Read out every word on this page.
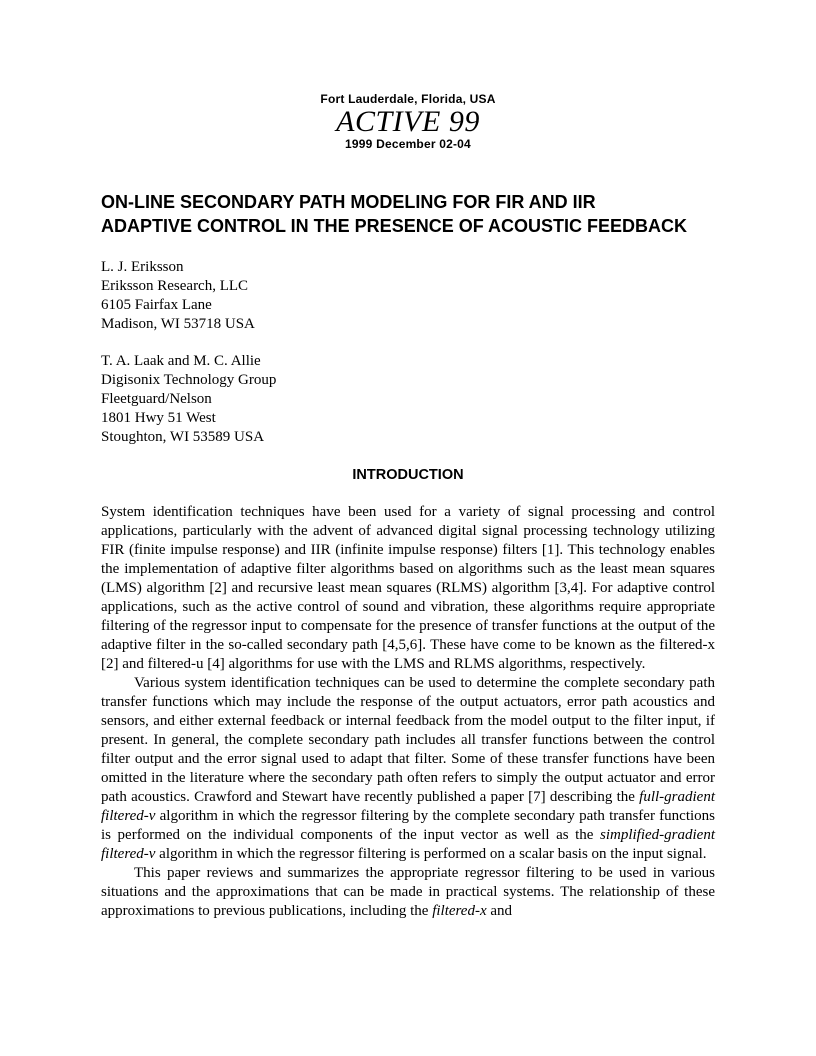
Fort Lauderdale, Florida, USA
ACTIVE 99
1999 December 02-04
ON-LINE SECONDARY PATH MODELING FOR FIR AND IIR
ADAPTIVE CONTROL IN THE PRESENCE OF ACOUSTIC FEEDBACK
L. J. Eriksson
Eriksson Research, LLC
6105 Fairfax Lane
Madison, WI 53718 USA
T. A. Laak and M. C. Allie
Digisonix Technology Group
Fleetguard/Nelson
1801 Hwy 51 West
Stoughton, WI 53589 USA
INTRODUCTION

System identification techniques have been used for a variety of signal processing and control applications, particularly with the advent of advanced digital signal processing technology utilizing FIR (finite impulse response) and IIR (infinite impulse response) filters [1]. This technology enables the implementation of adaptive filter algorithms based on algorithms such as the least mean squares (LMS) algorithm [2] and recursive least mean squares (RLMS) algorithm [3,4]. For adaptive control applications, such as the active control of sound and vibration, these algorithms require appropriate filtering of the regressor input to compensate for the presence of transfer functions at the output of the adaptive filter in the so-called secondary path [4,5,6]. These have come to be known as the filtered-x [2] and filtered-u [4] algorithms for use with the LMS and RLMS algorithms, respectively.

Various system identification techniques can be used to determine the complete secondary path transfer functions which may include the response of the output actuators, error path acoustics and sensors, and either external feedback or internal feedback from the model output to the filter input, if present. In general, the complete secondary path includes all transfer functions between the control filter output and the error signal used to adapt that filter. Some of these transfer functions have been omitted in the literature where the secondary path often refers to simply the output actuator and error path acoustics. Crawford and Stewart have recently published a paper [7] describing the full-gradient filtered-v algorithm in which the regressor filtering by the complete secondary path transfer functions is performed on the individual components of the input vector as well as the simplified-gradient filtered-v algorithm in which the regressor filtering is performed on a scalar basis on the input signal.

This paper reviews and summarizes the appropriate regressor filtering to be used in various situations and the approximations that can be made in practical systems. The relationship of these approximations to previous publications, including the filtered-x and
